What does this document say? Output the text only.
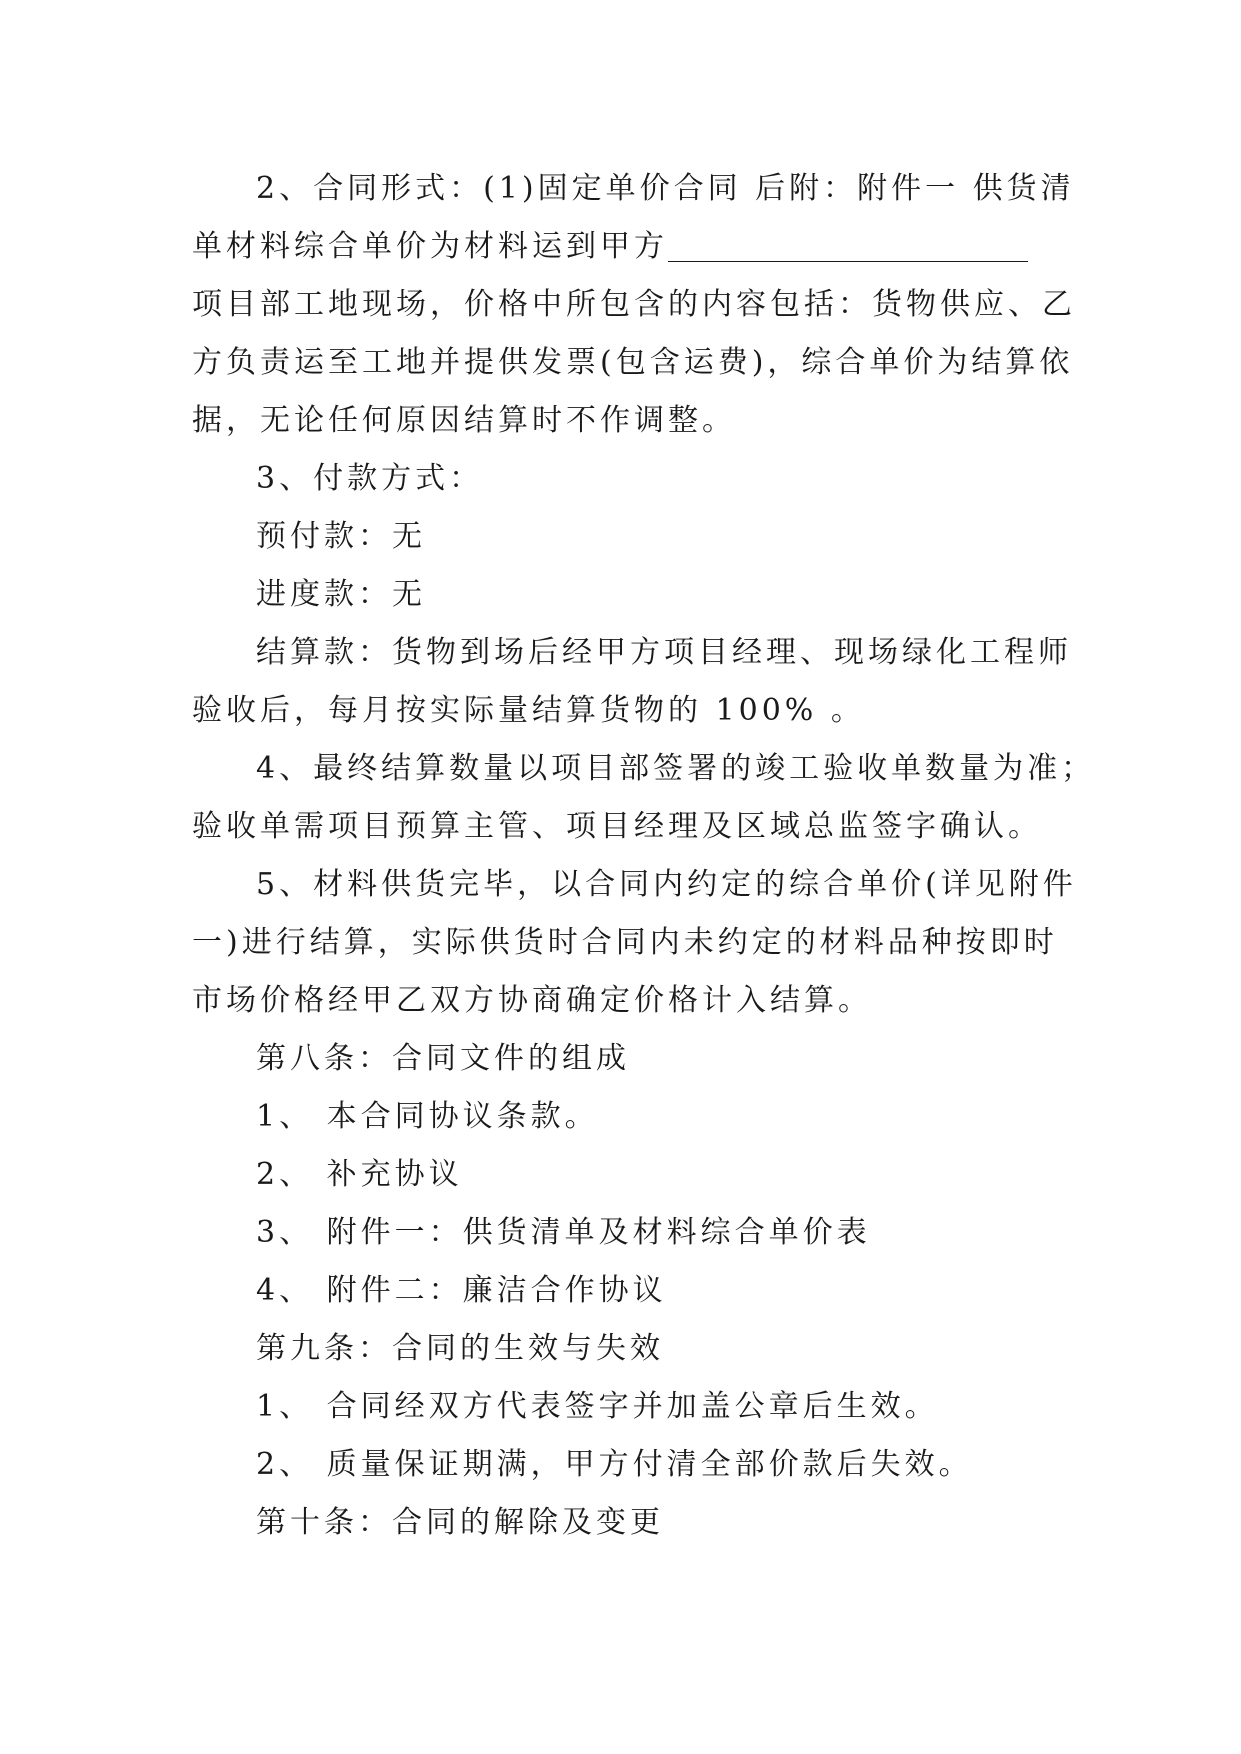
2、合同形式：(1)固定单价合同 后附：附件一 供货清

单材料综合单价为材料运到甲方

项目部工地现场，价格中所包含的内容包括：货物供应、乙

方负责运至工地并提供发票(包含运费)，综合单价为结算依

据，无论任何原因结算时不作调整。

3、付款方式：

预付款：无

进度款：无

结算款：货物到场后经甲方项目经理、现场绿化工程师

验收后，每月按实际量结算货物的 100% 。

4、最终结算数量以项目部签署的竣工验收单数量为准；

验收单需项目预算主管、项目经理及区域总监签字确认。

5、材料供货完毕，以合同内约定的综合单价(详见附件

一)进行结算，实际供货时合同内未约定的材料品种按即时

市场价格经甲乙双方协商确定价格计入结算。

第八条：合同文件的组成

1、 本合同协议条款。

2、 补充协议

3、 附件一：供货清单及材料综合单价表

4、 附件二：廉洁合作协议

第九条：合同的生效与失效

1、 合同经双方代表签字并加盖公章后生效。

2、 质量保证期满，甲方付清全部价款后失效。

第十条：合同的解除及变更
